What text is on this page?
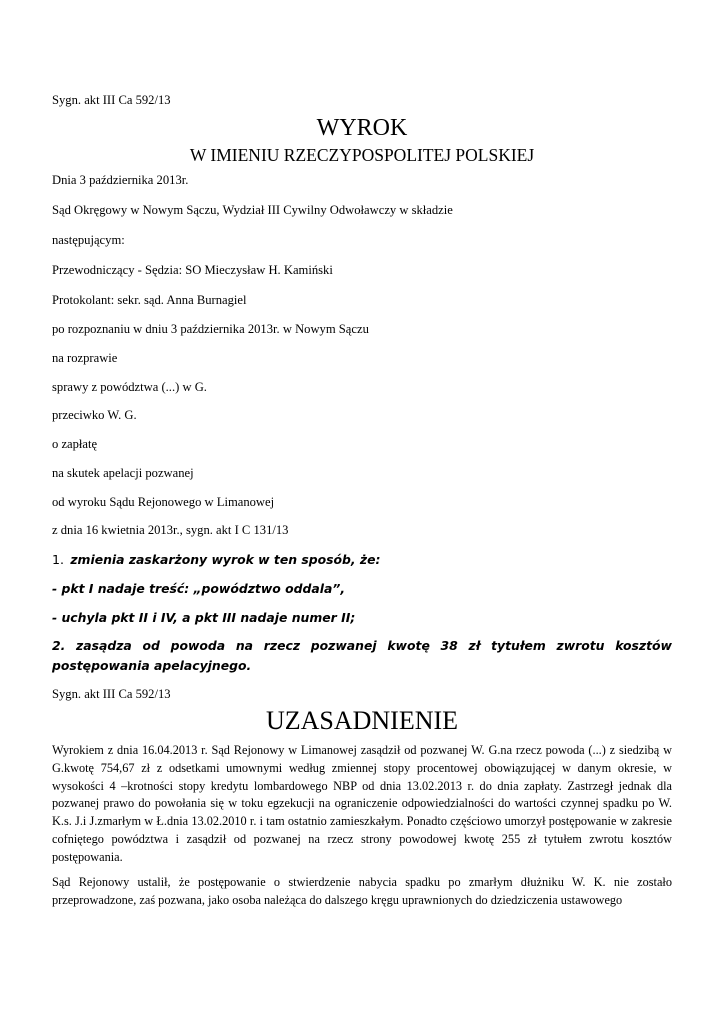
Sygn. akt III Ca 592/13
WYROK
W IMIENIU RZECZYPOSPOLITEJ POLSKIEJ
Dnia 3 października 2013r.
Sąd Okręgowy w Nowym Sączu, Wydział III Cywilny Odwoławczy w składzie
następującym:
Przewodniczący - Sędzia: SO Mieczysław H. Kamiński
Protokolant: sekr. sąd. Anna Burnagiel
po rozpoznaniu w dniu 3 października 2013r. w Nowym Sączu
na rozprawie
sprawy z powództwa (...) w G.
przeciwko W. G.
o zapłatę
na skutek apelacji pozwanej
od wyroku Sądu Rejonowego w Limanowej
z dnia 16 kwietnia 2013r., sygn. akt I C 131/13
1. zmienia zaskarżony wyrok w ten sposób, że:
- pkt I nadaje treść: „powództwo oddala”,
- uchyla pkt II i IV, a pkt III nadaje numer II;
2. zasądza od powoda na rzecz pozwanej kwotę 38 zł tytułem zwrotu kosztów postępowania apelacyjnego.
Sygn. akt III Ca 592/13
UZASADNIENIE
Wyrokiem z dnia 16.04.2013 r. Sąd Rejonowy w Limanowej zasądził od pozwanej W. G.na rzecz powoda (...) z siedzibą w G.kwotę 754,67 zł z odsetkami umownymi według zmiennej stopy procentowej obowiązującej w danym okresie, w wysokości 4 –krotności stopy kredytu lombardowego NBP od dnia 13.02.2013 r. do dnia zapłaty. Zastrzegł jednak dla pozwanej prawo do powołania się w toku egzekucji na ograniczenie odpowiedzialności do wartości czynnej spadku po W. K.s. J.i J.zmarłym w Ł.dnia 13.02.2010 r. i tam ostatnio zamieszkałym. Ponadto częściowo umorzył postępowanie w zakresie cofniętego powództwa i zasądził od pozwanej na rzecz strony powodowej kwotę 255 zł tytułem zwrotu kosztów postępowania.
Sąd Rejonowy ustalił, że postępowanie o stwierdzenie nabycia spadku po zmarłym dłużniku W. K. nie zostało przeprowadzone, zaś pozwana, jako osoba należąca do dalszego kręgu uprawnionych do dziedziczenia ustawowego
